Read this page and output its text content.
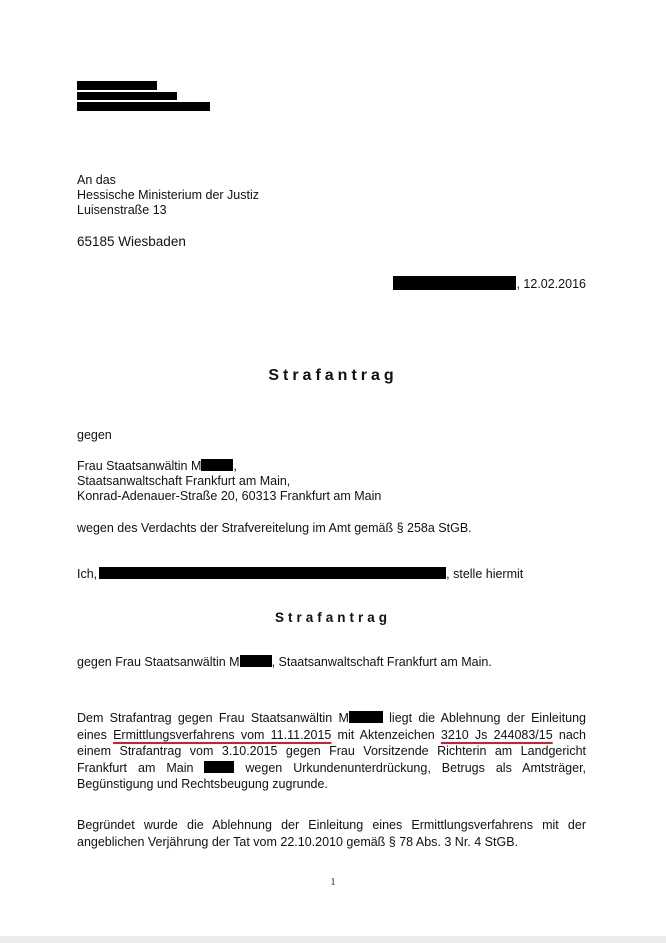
An das
Hessische Ministerium der Justiz
Luisenstraße 13
65185 Wiesbaden
, 12.02.2016
Strafantrag
gegen
Frau Staatsanwältin M	,
Staatsanwaltschaft Frankfurt am Main,
Konrad-Adenauer-Straße 20, 60313 Frankfurt am Main
wegen des Verdachts der Strafvereitelung im Amt gemäß § 258a StGB.
Ich,	, stelle hiermit
Strafantrag
gegen Frau Staatsanwältin M	, Staatsanwaltschaft Frankfurt am Main.
Dem Strafantrag gegen Frau Staatsanwältin M	liegt die Ablehnung der Einleitung eines Ermittlungsverfahrens vom 11.11.2015 mit Aktenzeichen 3210 Js 244083/15 nach einem Strafantrag vom 3.10.2015 gegen Frau Vorsitzende Richterin am Landgericht Frankfurt am Main  wegen Urkundenunterdrückung, Betrugs als Amtsträger, Begünstigung und Rechtsbeugung zugrunde.
Begründet wurde die Ablehnung der Einleitung eines Ermittlungsverfahrens mit der angeblichen Verjährung der Tat vom 22.10.2010 gemäß § 78 Abs. 3 Nr. 4 StGB.
1
